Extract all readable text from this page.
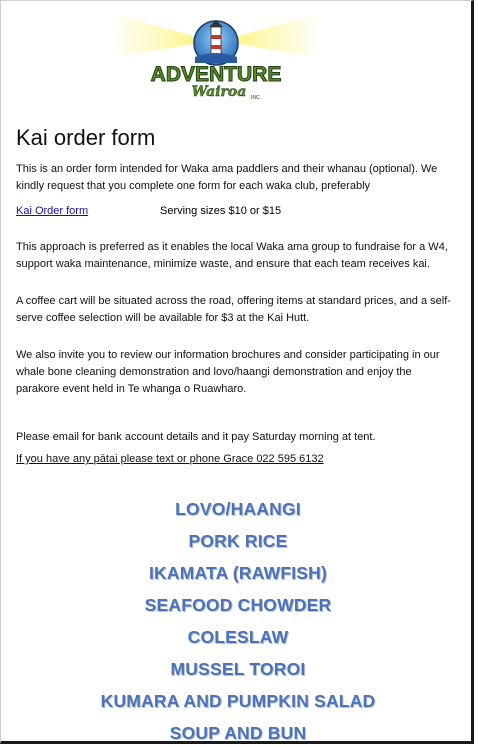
ADVENTURE
Wairoa INC
Kai order form

This is an order form intended for Waka ama paddlers and their whanau (optional). We kindly request that you complete one form for each waka club, preferably

Kai Order form	Serving sizes $10 or $15

This approach is preferred as it enables the local Waka ama group to fundraise for a W4, support waka maintenance, minimize waste, and ensure that each team receives kai.

A coffee cart will be situated across the road, offering items at standard prices, and a self-serve coffee selection will be available for $3 at the Kai Hutt.

We also invite you to review our information brochures and consider participating in our whale bone cleaning demonstration and lovo/haangi demonstration and enjoy the parakore event held in Te whanga o Ruawharo.

Please email for bank account details and it pay Saturday morning at tent.

If you have any pātai please text or phone Grace 022 595 6132

LOVO/HAANGI
PORK RICE
IKAMATA (RAWFISH)
SEAFOOD CHOWDER
COLESLAW
MUSSEL TOROI
KUMARA AND PUMPKIN SALAD
SOUP AND BUN
